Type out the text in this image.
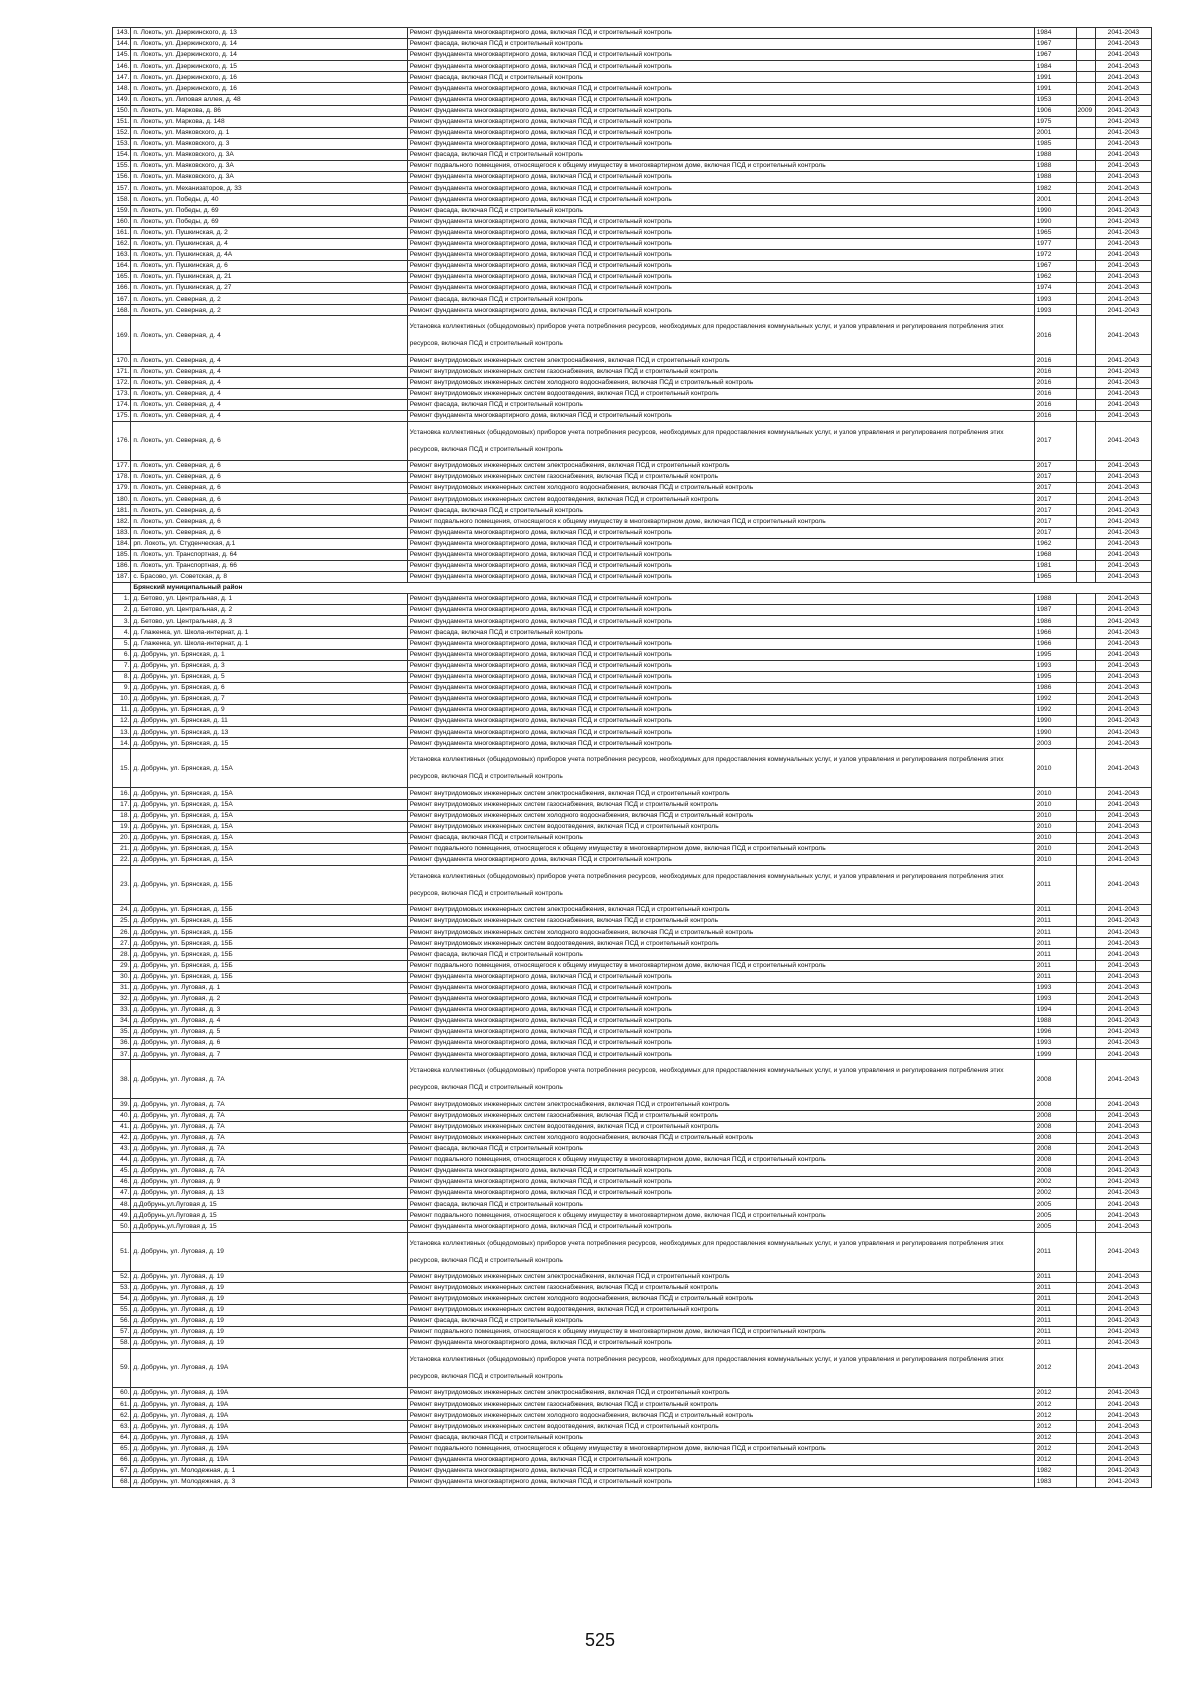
143.	п. Локоть, ул. Дзержинского, д. 13	Ремонт фундамента многоквартирного дома, включая ПСД и строительный контроль	1984		2041-2043
144.	п. Локоть, ул. Дзержинского, д. 14	Ремонт фасада, включая ПСД и строительный контроль	1967		2041-2043
145.	п. Локоть, ул. Дзержинского, д. 14	Ремонт фундамента многоквартирного дома, включая ПСД и строительный контроль	1967		2041-2043
146.	п. Локоть, ул. Дзержинского, д. 15	Ремонт фундамента многоквартирного дома, включая ПСД и строительный контроль	1984		2041-2043
147.	п. Локоть, ул. Дзержинского, д. 16	Ремонт фасада, включая ПСД и строительный контроль	1991		2041-2043
148.	п. Локоть, ул. Дзержинского, д. 16	Ремонт фундамента многоквартирного дома, включая ПСД и строительный контроль	1991		2041-2043
149.	п. Локоть, ул. Липовая аллея, д. 48	Ремонт фундамента многоквартирного дома, включая ПСД и строительный контроль	1953		2041-2043
150.	п. Локоть, ул. Маркова, д. 86	Ремонт фундамента многоквартирного дома, включая ПСД и строительный контроль	1906	2009	2041-2043
151.	п. Локоть, ул. Маркова, д. 148	Ремонт фундамента многоквартирного дома, включая ПСД и строительный контроль	1975		2041-2043
152.	п. Локоть, ул. Маяковского, д. 1	Ремонт фундамента многоквартирного дома, включая ПСД и строительный контроль	2001		2041-2043
153.	п. Локоть, ул. Маяковского, д. 3	Ремонт фундамента многоквартирного дома, включая ПСД и строительный контроль	1985		2041-2043
154.	п. Локоть, ул. Маяковского, д. 3А	Ремонт фасада, включая ПСД и строительный контроль	1988		2041-2043
155.	п. Локоть, ул. Маяковского, д. 3А	Ремонт подвального помещения, относящегося к общему имуществу в многоквартирном доме, включая ПСД и строительный контроль	1988		2041-2043
156.	п. Локоть, ул. Маяковского, д. 3А	Ремонт фундамента многоквартирного дома, включая ПСД и строительный контроль	1988		2041-2043
157.	п. Локоть, ул. Механизаторов, д. 33	Ремонт фундамента многоквартирного дома, включая ПСД и строительный контроль	1982		2041-2043
158.	п. Локоть, ул. Победы, д. 40	Ремонт фундамента многоквартирного дома, включая ПСД и строительный контроль	2001		2041-2043
159.	п. Локоть, ул. Победы, д. 69	Ремонт фасада, включая ПСД и строительный контроль	1990		2041-2043
160.	п. Локоть, ул. Победы, д. 69	Ремонт фундамента многоквартирного дома, включая ПСД и строительный контроль	1990		2041-2043
161.	п. Локоть, ул. Пушкинская, д. 2	Ремонт фундамента многоквартирного дома, включая ПСД и строительный контроль	1965		2041-2043
162.	п. Локоть, ул. Пушкинская, д. 4	Ремонт фундамента многоквартирного дома, включая ПСД и строительный контроль	1977		2041-2043
163.	п. Локоть, ул. Пушкинская, д. 4А	Ремонт фундамента многоквартирного дома, включая ПСД и строительный контроль	1972		2041-2043
164.	п. Локоть, ул. Пушкинская, д. 6	Ремонт фундамента многоквартирного дома, включая ПСД и строительный контроль	1967		2041-2043
165.	п. Локоть, ул. Пушкинская, д. 21	Ремонт фундамента многоквартирного дома, включая ПСД и строительный контроль	1962		2041-2043
166.	п. Локоть, ул. Пушкинская, д. 27	Ремонт фундамента многоквартирного дома, включая ПСД и строительный контроль	1974		2041-2043
167.	п. Локоть, ул. Северная, д. 2	Ремонт фасада, включая ПСД и строительный контроль	1993		2041-2043
168.	п. Локоть, ул. Северная, д. 2	Ремонт фундамента многоквартирного дома, включая ПСД и строительный контроль	1993		2041-2043
169.	п. Локоть, ул. Северная, д. 4	Установка коллективных (общедомовых) приборов учета потребления ресурсов, необходимых для предоставления коммунальных услуг, и узлов управления и регулирования потребления этих ресурсов, включая ПСД и строительный контроль	2016		2041-2043
170.	п. Локоть, ул. Северная, д. 4	Ремонт внутридомовых инженерных систем электроснабжения, включая ПСД и строительный контроль	2016		2041-2043
171.	п. Локоть, ул. Северная, д. 4	Ремонт внутридомовых инженерных систем газоснабжения, включая ПСД и строительный контроль	2016		2041-2043
172.	п. Локоть, ул. Северная, д. 4	Ремонт внутридомовых инженерных систем холодного водоснабжения, включая ПСД и строительный контроль	2016		2041-2043
173.	п. Локоть, ул. Северная, д. 4	Ремонт внутридомовых инженерных систем водоотведения, включая ПСД и строительный контроль	2016		2041-2043
174.	п. Локоть, ул. Северная, д. 4	Ремонт фасада, включая ПСД и строительный контроль	2016		2041-2043
175.	п. Локоть, ул. Северная, д. 4	Ремонт фундамента многоквартирного дома, включая ПСД и строительный контроль	2016		2041-2043
176.	п. Локоть, ул. Северная, д. 6	Установка коллективных (общедомовых) приборов учета потребления ресурсов, необходимых для предоставления коммунальных услуг, и узлов управления и регулирования потребления этих ресурсов, включая ПСД и строительный контроль	2017		2041-2043
177.	п. Локоть, ул. Северная, д. 6	Ремонт внутридомовых инженерных систем электроснабжения, включая ПСД и строительный контроль	2017		2041-2043
178.	п. Локоть, ул. Северная, д. 6	Ремонт внутридомовых инженерных систем газоснабжения, включая ПСД и строительный контроль	2017		2041-2043
179.	п. Локоть, ул. Северная, д. 6	Ремонт внутридомовых инженерных систем холодного водоснабжения, включая ПСД и строительный контроль	2017		2041-2043
180.	п. Локоть, ул. Северная, д. 6	Ремонт внутридомовых инженерных систем водоотведения, включая ПСД и строительный контроль	2017		2041-2043
181.	п. Локоть, ул. Северная, д. 6	Ремонт фасада, включая ПСД и строительный контроль	2017		2041-2043
182.	п. Локоть, ул. Северная, д. 6	Ремонт подвального помещения, относящегося к общему имуществу в многоквартирном доме, включая ПСД и строительный контроль	2017		2041-2043
183.	п. Локоть, ул. Северная, д. 6	Ремонт фундамента многоквартирного дома, включая ПСД и строительный контроль	2017		2041-2043
184.	рп. Локоть, ул. Студенческая, д.1	Ремонт фундамента многоквартирного дома, включая ПСД и строительный контроль	1962		2041-2043
185.	п. Локоть, ул. Транспортная, д. 64	Ремонт фундамента многоквартирного дома, включая ПСД и строительный контроль	1968		2041-2043
186.	п. Локоть, ул. Транспортная, д. 66	Ремонт фундамента многоквартирного дома, включая ПСД и строительный контроль	1981		2041-2043
187.	с. Брасово, ул. Советская, д. 8	Ремонт фундамента многоквартирного дома, включая ПСД и строительный контроль	1965		2041-2043
	Брянский муниципальный район				
1.	д. Бетово, ул. Центральная, д. 1	Ремонт фундамента многоквартирного дома, включая ПСД и строительный контроль	1988		2041-2043
2.	д. Бетово, ул. Центральная, д. 2	Ремонт фундамента многоквартирного дома, включая ПСД и строительный контроль	1987		2041-2043
3.	д. Бетово, ул. Центральная, д. 3	Ремонт фундамента многоквартирного дома, включая ПСД и строительный контроль	1986		2041-2043
4.	д. Глаженка, ул. Школа-интернат, д. 1	Ремонт фасада, включая ПСД и строительный контроль	1966		2041-2043
5.	д. Глаженка, ул. Школа-интернат, д. 1	Ремонт фундамента многоквартирного дома, включая ПСД и строительный контроль	1966		2041-2043
6.	д. Добрунь, ул. Брянская, д. 1	Ремонт фундамента многоквартирного дома, включая ПСД и строительный контроль	1995		2041-2043
7.	д. Добрунь, ул. Брянская, д. 3	Ремонт фундамента многоквартирного дома, включая ПСД и строительный контроль	1993		2041-2043
8.	д. Добрунь, ул. Брянская, д. 5	Ремонт фундамента многоквартирного дома, включая ПСД и строительный контроль	1995		2041-2043
9.	д. Добрунь, ул. Брянская, д. 6	Ремонт фундамента многоквартирного дома, включая ПСД и строительный контроль	1986		2041-2043
10.	д. Добрунь, ул. Брянская, д. 7	Ремонт фундамента многоквартирного дома, включая ПСД и строительный контроль	1992		2041-2043
11.	д. Добрунь, ул. Брянская, д. 9	Ремонт фундамента многоквартирного дома, включая ПСД и строительный контроль	1992		2041-2043
12.	д. Добрунь, ул. Брянская, д. 11	Ремонт фундамента многоквартирного дома, включая ПСД и строительный контроль	1990		2041-2043
13.	д. Добрунь, ул. Брянская, д. 13	Ремонт фундамента многоквартирного дома, включая ПСД и строительный контроль	1990		2041-2043
14.	д. Добрунь, ул. Брянская, д. 15	Ремонт фундамента многоквартирного дома, включая ПСД и строительный контроль	2003		2041-2043
15.	д. Добрунь, ул. Брянская, д. 15А	Установка коллективных (общедомовых) приборов учета потребления ресурсов, необходимых для предоставления коммунальных услуг, и узлов управления и регулирования потребления этих ресурсов, включая ПСД и строительный контроль	2010		2041-2043
16.	д. Добрунь, ул. Брянская, д. 15А	Ремонт внутридомовых инженерных систем электроснабжения, включая ПСД и строительный контроль	2010		2041-2043
17.	д. Добрунь, ул. Брянская, д. 15А	Ремонт внутридомовых инженерных систем газоснабжения, включая ПСД и строительный контроль	2010		2041-2043
18.	д. Добрунь, ул. Брянская, д. 15А	Ремонт внутридомовых инженерных систем холодного водоснабжения, включая ПСД и строительный контроль	2010		2041-2043
19.	д. Добрунь, ул. Брянская, д. 15А	Ремонт внутридомовых инженерных систем водоотведения, включая ПСД и строительный контроль	2010		2041-2043
20.	д. Добрунь, ул. Брянская, д. 15А	Ремонт фасада, включая ПСД и строительный контроль	2010		2041-2043
21.	д. Добрунь, ул. Брянская, д. 15А	Ремонт подвального помещения, относящегося к общему имуществу в многоквартирном доме, включая ПСД и строительный контроль	2010		2041-2043
22.	д. Добрунь, ул. Брянская, д. 15А	Ремонт фундамента многоквартирного дома, включая ПСД и строительный контроль	2010		2041-2043
23.	д. Добрунь, ул. Брянская, д. 15Б	Установка коллективных (общедомовых) приборов учета потребления ресурсов, необходимых для предоставления коммунальных услуг, и узлов управления и регулирования потребления этих ресурсов, включая ПСД и строительный контроль	2011		2041-2043
24.	д. Добрунь, ул. Брянская, д. 15Б	Ремонт внутридомовых инженерных систем электроснабжения, включая ПСД и строительный контроль	2011		2041-2043
25.	д. Добрунь, ул. Брянская, д. 15Б	Ремонт внутридомовых инженерных систем газоснабжения, включая ПСД и строительный контроль	2011		2041-2043
26.	д. Добрунь, ул. Брянская, д. 15Б	Ремонт внутридомовых инженерных систем холодного водоснабжения, включая ПСД и строительный контроль	2011		2041-2043
27.	д. Добрунь, ул. Брянская, д. 15Б	Ремонт внутридомовых инженерных систем водоотведения, включая ПСД и строительный контроль	2011		2041-2043
28.	д. Добрунь, ул. Брянская, д. 15Б	Ремонт фасада, включая ПСД и строительный контроль	2011		2041-2043
29.	д. Добрунь, ул. Брянская, д. 15Б	Ремонт подвального помещения, относящегося к общему имуществу в многоквартирном доме, включая ПСД и строительный контроль	2011		2041-2043
30.	д. Добрунь, ул. Брянская, д. 15Б	Ремонт фундамента многоквартирного дома, включая ПСД и строительный контроль	2011		2041-2043
31.	д. Добрунь, ул. Луговая, д. 1	Ремонт фундамента многоквартирного дома, включая ПСД и строительный контроль	1993		2041-2043
32.	д. Добрунь, ул. Луговая, д. 2	Ремонт фундамента многоквартирного дома, включая ПСД и строительный контроль	1993		2041-2043
33.	д. Добрунь, ул. Луговая, д. 3	Ремонт фундамента многоквартирного дома, включая ПСД и строительный контроль	1994		2041-2043
34.	д. Добрунь, ул. Луговая, д. 4	Ремонт фундамента многоквартирного дома, включая ПСД и строительный контроль	1988		2041-2043
35.	д. Добрунь, ул. Луговая, д. 5	Ремонт фундамента многоквартирного дома, включая ПСД и строительный контроль	1996		2041-2043
36.	д. Добрунь, ул. Луговая, д. 6	Ремонт фундамента многоквартирного дома, включая ПСД и строительный контроль	1993		2041-2043
37.	д. Добрунь, ул. Луговая, д. 7	Ремонт фундамента многоквартирного дома, включая ПСД и строительный контроль	1999		2041-2043
38.	д. Добрунь, ул. Луговая, д. 7А	Установка коллективных (общедомовых) приборов учета потребления ресурсов, необходимых для предоставления коммунальных услуг, и узлов управления и регулирования потребления этих ресурсов, включая ПСД и строительный контроль	2008		2041-2043
39.	д. Добрунь, ул. Луговая, д. 7А	Ремонт внутридомовых инженерных систем электроснабжения, включая ПСД и строительный контроль	2008		2041-2043
40.	д. Добрунь, ул. Луговая, д. 7А	Ремонт внутридомовых инженерных систем газоснабжения, включая ПСД и строительный контроль	2008		2041-2043
41.	д. Добрунь, ул. Луговая, д. 7А	Ремонт внутридомовых инженерных систем водоотведения, включая ПСД и строительный контроль	2008		2041-2043
42.	д. Добрунь, ул. Луговая, д. 7А	Ремонт внутридомовых инженерных систем холодного водоснабжения, включая ПСД и строительный контроль	2008		2041-2043
43.	д. Добрунь, ул. Луговая, д. 7А	Ремонт фасада, включая ПСД и строительный контроль	2008		2041-2043
44.	д. Добрунь, ул. Луговая, д. 7А	Ремонт подвального помещения, относящегося к общему имуществу в многоквартирном доме, включая ПСД и строительный контроль	2008		2041-2043
45.	д. Добрунь, ул. Луговая, д. 7А	Ремонт фундамента многоквартирного дома, включая ПСД и строительный контроль	2008		2041-2043
46.	д. Добрунь, ул. Луговая, д. 9	Ремонт фундамента многоквартирного дома, включая ПСД и строительный контроль	2002		2041-2043
47.	д. Добрунь, ул. Луговая, д. 13	Ремонт фундамента многоквартирного дома, включая ПСД и строительный контроль	2002		2041-2043
48.	д.Добрунь,ул.Луговая д. 15	Ремонт фасада, включая ПСД и строительный контроль	2005		2041-2043
49.	д.Добрунь,ул.Луговая д. 15	Ремонт подвального помещения, относящегося к общему имуществу в многоквартирном доме, включая ПСД и строительный контроль	2005		2041-2043
50.	д.Добрунь,ул.Луговая д. 15	Ремонт фундамента многоквартирного дома, включая ПСД и строительный контроль	2005		2041-2043
51.	д. Добрунь, ул. Луговая, д. 19	Установка коллективных (общедомовых) приборов учета потребления ресурсов, необходимых для предоставления коммунальных услуг, и узлов управления и регулирования потребления этих ресурсов, включая ПСД и строительный контроль	2011		2041-2043
52.	д. Добрунь, ул. Луговая, д. 19	Ремонт внутридомовых инженерных систем электроснабжения, включая ПСД и строительный контроль	2011		2041-2043
53.	д. Добрунь, ул. Луговая, д. 19	Ремонт внутридомовых инженерных систем газоснабжения, включая ПСД и строительный контроль	2011		2041-2043
54.	д. Добрунь, ул. Луговая, д. 19	Ремонт внутридомовых инженерных систем холодного водоснабжения, включая ПСД и строительный контроль	2011		2041-2043
55.	д. Добрунь, ул. Луговая, д. 19	Ремонт внутридомовых инженерных систем водоотведения, включая ПСД и строительный контроль	2011		2041-2043
56.	д. Добрунь, ул. Луговая, д. 19	Ремонт фасада, включая ПСД и строительный контроль	2011		2041-2043
57.	д. Добрунь, ул. Луговая, д. 19	Ремонт подвального помещения, относящегося к общему имуществу в многоквартирном доме, включая ПСД и строительный контроль	2011		2041-2043
58.	д. Добрунь, ул. Луговая, д. 19	Ремонт фундамента многоквартирного дома, включая ПСД и строительный контроль	2011		2041-2043
59.	д. Добрунь, ул. Луговая, д. 19А	Установка коллективных (общедомовых) приборов учета потребления ресурсов, необходимых для предоставления коммунальных услуг, и узлов управления и регулирования потребления этих ресурсов, включая ПСД и строительный контроль	2012		2041-2043
60.	д. Добрунь, ул. Луговая, д. 19А	Ремонт внутридомовых инженерных систем электроснабжения, включая ПСД и строительный контроль	2012		2041-2043
61.	д. Добрунь, ул. Луговая, д. 19А	Ремонт внутридомовых инженерных систем газоснабжения, включая ПСД и строительный контроль	2012		2041-2043
62.	д. Добрунь, ул. Луговая, д. 19А	Ремонт внутридомовых инженерных систем холодного водоснабжения, включая ПСД и строительный контроль	2012		2041-2043
63.	д. Добрунь, ул. Луговая, д. 19А	Ремонт внутридомовых инженерных систем водоотведения, включая ПСД и строительный контроль	2012		2041-2043
64.	д. Добрунь, ул. Луговая, д. 19А	Ремонт фасада, включая ПСД и строительный контроль	2012		2041-2043
65.	д. Добрунь, ул. Луговая, д. 19А	Ремонт подвального помещения, относящегося к общему имуществу в многоквартирном доме, включая ПСД и строительный контроль	2012		2041-2043
66.	д. Добрунь, ул. Луговая, д. 19А	Ремонт фундамента многоквартирного дома, включая ПСД и строительный контроль	2012		2041-2043
67.	д. Добрунь, ул. Молодежная, д. 1	Ремонт фундамента многоквартирного дома, включая ПСД и строительный контроль	1982		2041-2043
68.	д. Добрунь, ул. Молодежная, д. 3	Ремонт фундамента многоквартирного дома, включая ПСД и строительный контроль	1983		2041-2043
525
